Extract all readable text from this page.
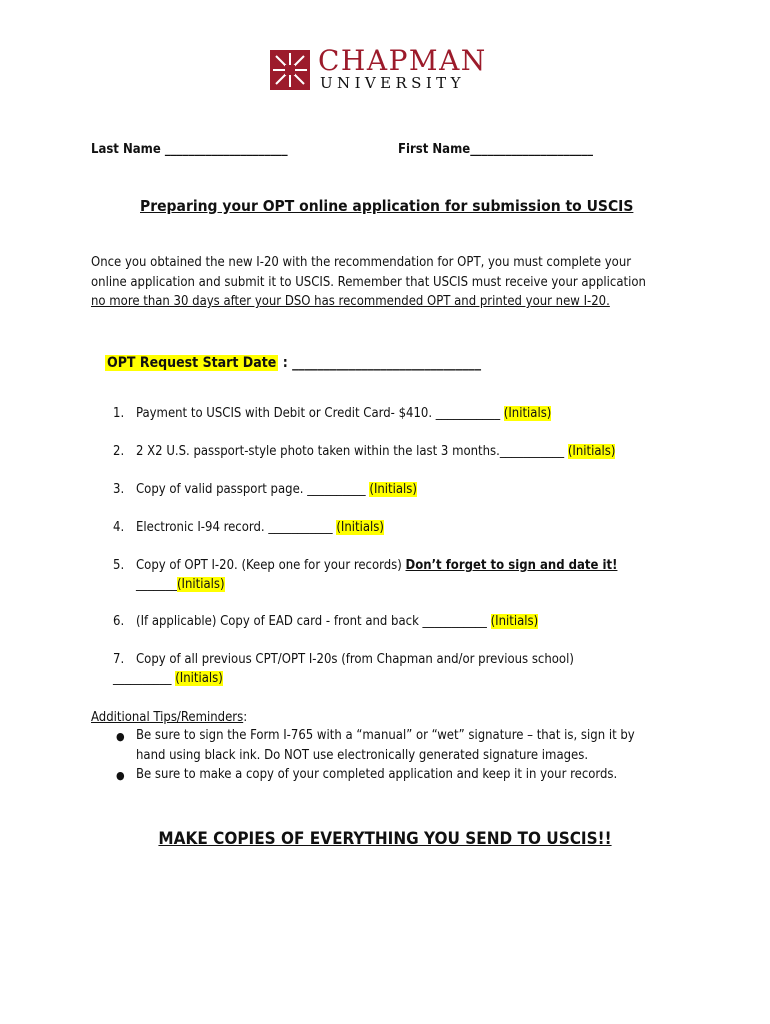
CHAPMAN
UNIVERSITY
Last Name _____________________	First Name_____________________
Preparing your OPT online application for submission to USCIS
Once you obtained the new I-20 with the recommendation for OPT, you must complete your
online application and submit it to USCIS. Remember that USCIS must receive your application
no more than 30 days after your DSO has recommended OPT and printed your new I-20.
OPT Request Start Date : ______________________________
1. Payment to USCIS with Debit or Credit Card- $410. ___________ (Initials)
2. 2 X2 U.S. passport-style photo taken within the last 3 months.___________ (Initials)
3. Copy of valid passport page. __________ (Initials)
4. Electronic I-94 record. ___________ (Initials)
5. Copy of OPT I-20. (Keep one for your records) Don’t forget to sign and date it!
_______(Initials)
6. (If applicable) Copy of EAD card - front and back ___________ (Initials)
7. Copy of all previous CPT/OPT I-20s (from Chapman and/or previous school)
__________ (Initials)
Additional Tips/Reminders:
● Be sure to sign the Form I-765 with a “manual” or “wet” signature – that is, sign it by
hand using black ink. Do NOT use electronically generated signature images.
● Be sure to make a copy of your completed application and keep it in your records.
MAKE COPIES OF EVERYTHING YOU SEND TO USCIS!!
